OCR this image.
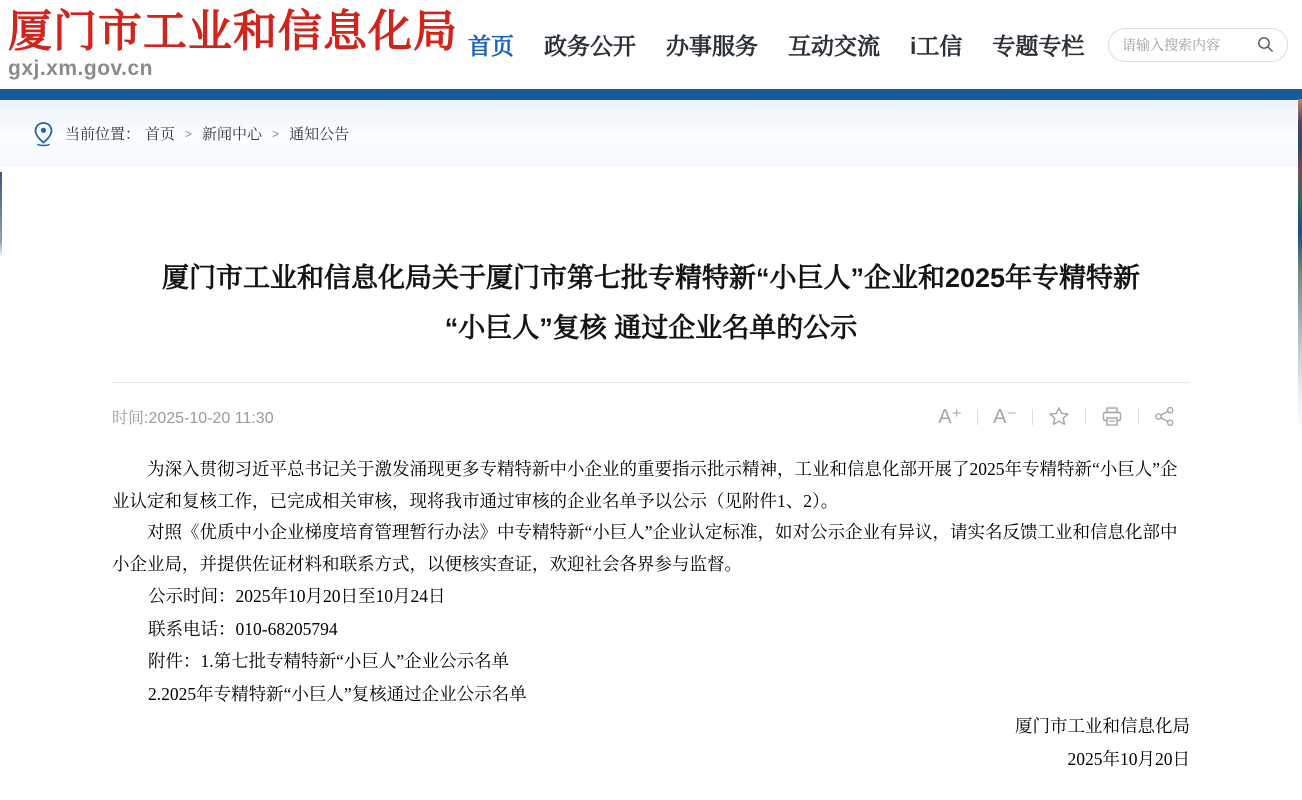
厦门市工业和信息化局
gxj.xm.gov.cn
首页 政务公开 办事服务 互动交流 i工信 专题专栏
请输入搜索内容
当前位置： 首页 > 新闻中心 > 通知公告
厦门市工业和信息化局关于厦门市第七批专精特新“小巨人”企业和2025年专精特新
“小巨人”复核 通过企业名单的公示
时间:2025-10-20 11:30	A⁺	A⁻

为深入贯彻习近平总书记关于激发涌现更多专精特新中小企业的重要指示批示精神，工业和信息化部开展了2025年专精特新“小巨人”企业认定和复核工作，已完成相关审核，现将我市通过审核的企业名单予以公示（见附件1、2）。

对照《优质中小企业梯度培育管理暂行办法》中专精特新“小巨人”企业认定标准，如对公示企业有异议，请实名反馈工业和信息化部中小企业局，并提供佐证材料和联系方式，以便核实查证，欢迎社会各界参与监督。

公示时间：2025年10月20日至10月24日
联系电话：010-68205794
附件：1.第七批专精特新“小巨人”企业公示名单
2.2025年专精特新“小巨人”复核通过企业公示名单
厦门市工业和信息化局
2025年10月20日
